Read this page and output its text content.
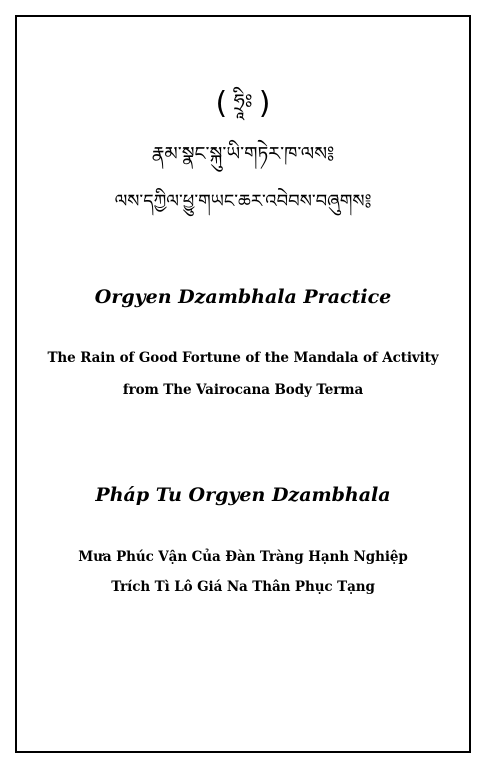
( ཧྲཱིཿ )
རྣམ་སྣང་སྐུ་ཡི་གཏེར་ཁ་ལས༔
ལས་དཀྱིལ་ཕྱུ་གཡང་ཆར་འབེབས་བཞུགས༔
Orgyen Dzambhala Practice
The Rain of Good Fortune of the Mandala of Activity
from The Vairocana Body Terma
Pháp Tu Orgyen Dzambhala
Mưa Phúc Vận Của Đàn Tràng Hạnh Nghiệp
Trích Tì Lô Giá Na Thân Phục Tạng
